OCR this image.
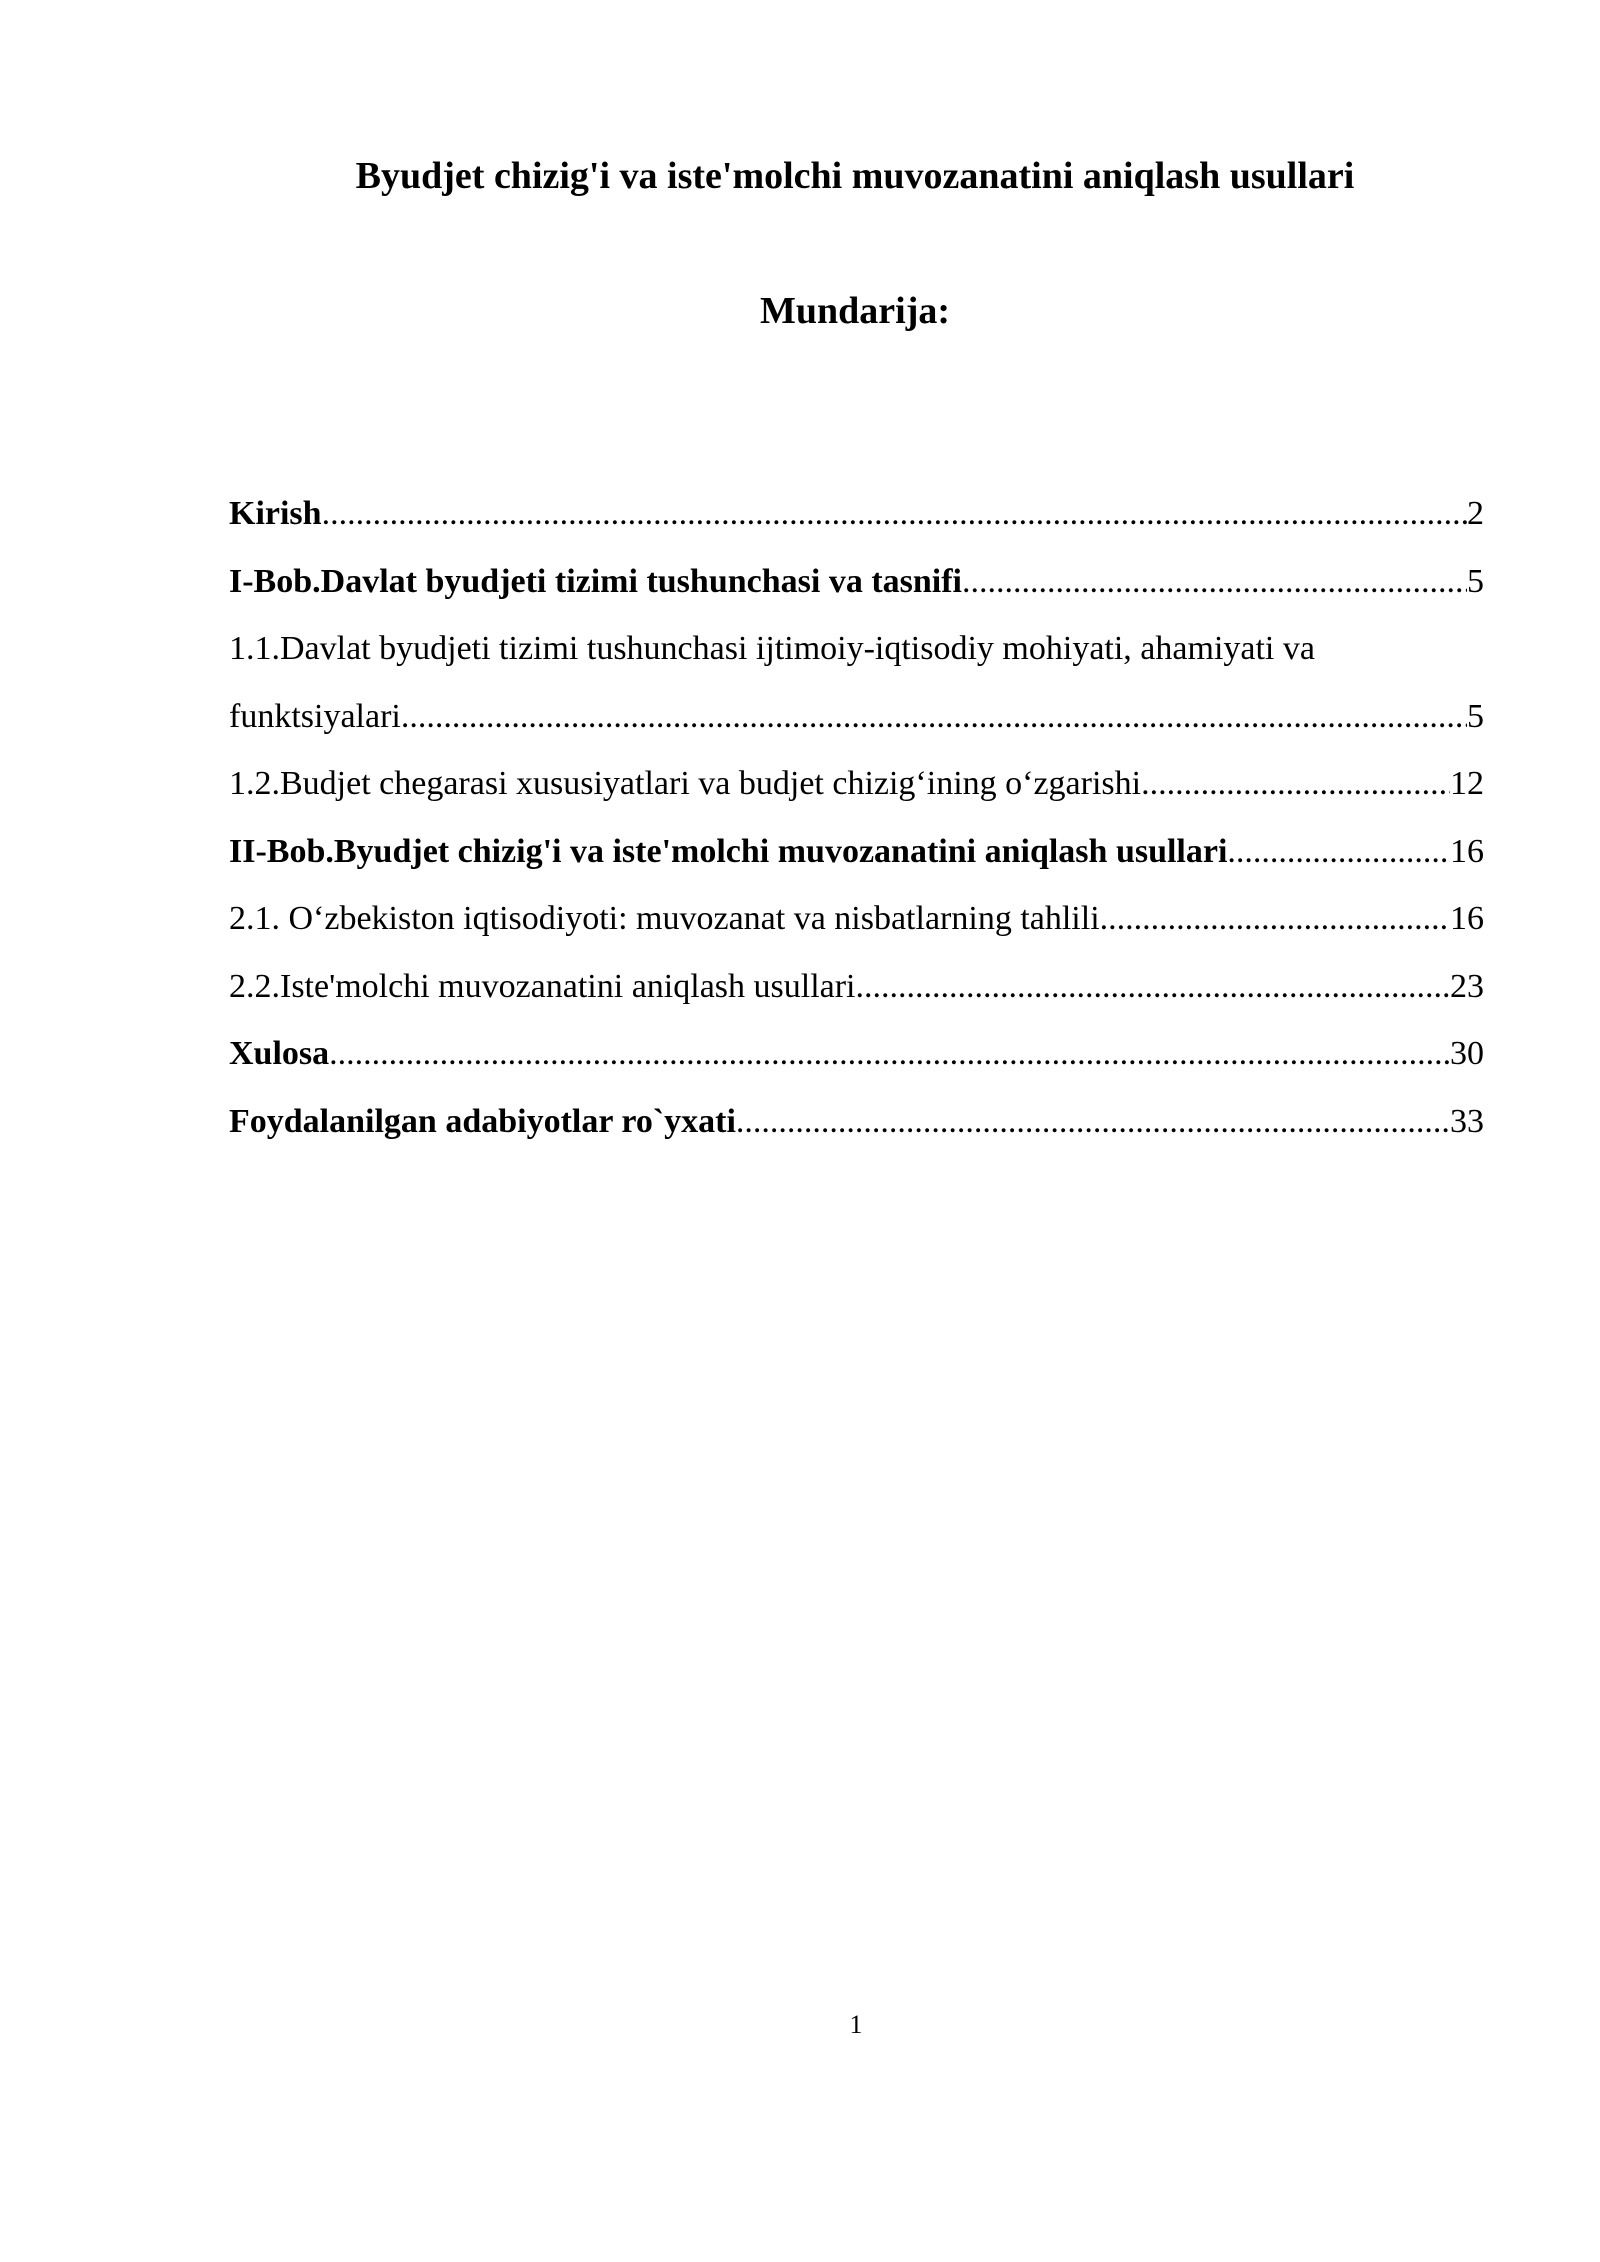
Byudjet chizig'i va iste'molchi muvozanatini aniqlash usullari
Mundarija:
Kirish .....	2
I-Bob.Davlat byudjeti tizimi tushunchasi va tasnifi .....	5
1.1.Davlat byudjeti tizimi tushunchasi ijtimoiy-iqtisodiy mohiyati, ahamiyati va
funktsiyalari .....	5
1.2.Budjet chegarasi xususiyatlari va budjet chizig‘ining o‘zgarishi .....	12
II-Bob.Byudjet chizig'i va iste'molchi muvozanatini aniqlash usullari .....	16
2.1. O‘zbekiston iqtisodiyoti: muvozanat va nisbatlarning tahlili .....	16
2.2.Iste'molchi muvozanatini aniqlash usullari .....	23
Xulosa .....	30
Foydalanilgan adabiyotlar ro`yxati .....	33
1
